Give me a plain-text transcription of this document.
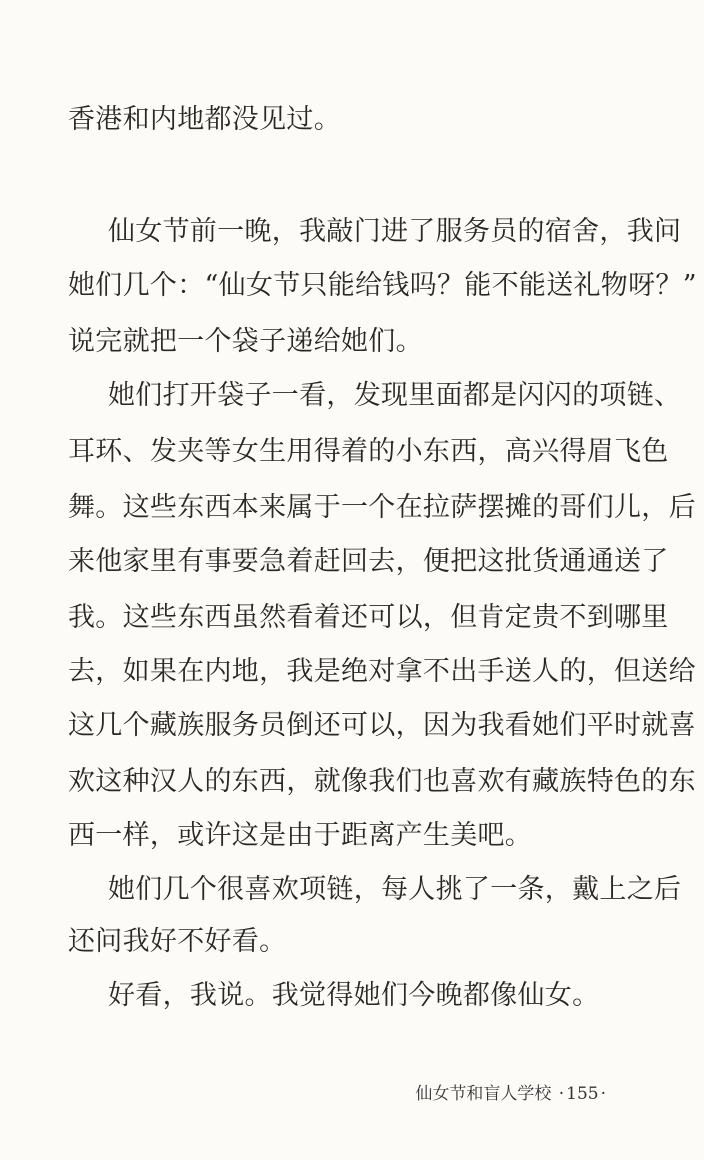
香港和内地都没见过。
仙女节前一晚，我敲门进了服务员的宿舍，我问
她们几个：“仙女节只能给钱吗？能不能送礼物呀？”
说完就把一个袋子递给她们。
她们打开袋子一看，发现里面都是闪闪的项链、
耳环、发夹等女生用得着的小东西，高兴得眉飞色
舞。这些东西本来属于一个在拉萨摆摊的哥们儿，后
来他家里有事要急着赶回去，便把这批货通通送了
我。这些东西虽然看着还可以，但肯定贵不到哪里
去，如果在内地，我是绝对拿不出手送人的，但送给
这几个藏族服务员倒还可以，因为我看她们平时就喜
欢这种汉人的东西，就像我们也喜欢有藏族特色的东
西一样，或许这是由于距离产生美吧。
她们几个很喜欢项链，每人挑了一条，戴上之后
还问我好不好看。
好看，我说。我觉得她们今晚都像仙女。
仙女节和盲人学校 · 155 ·
